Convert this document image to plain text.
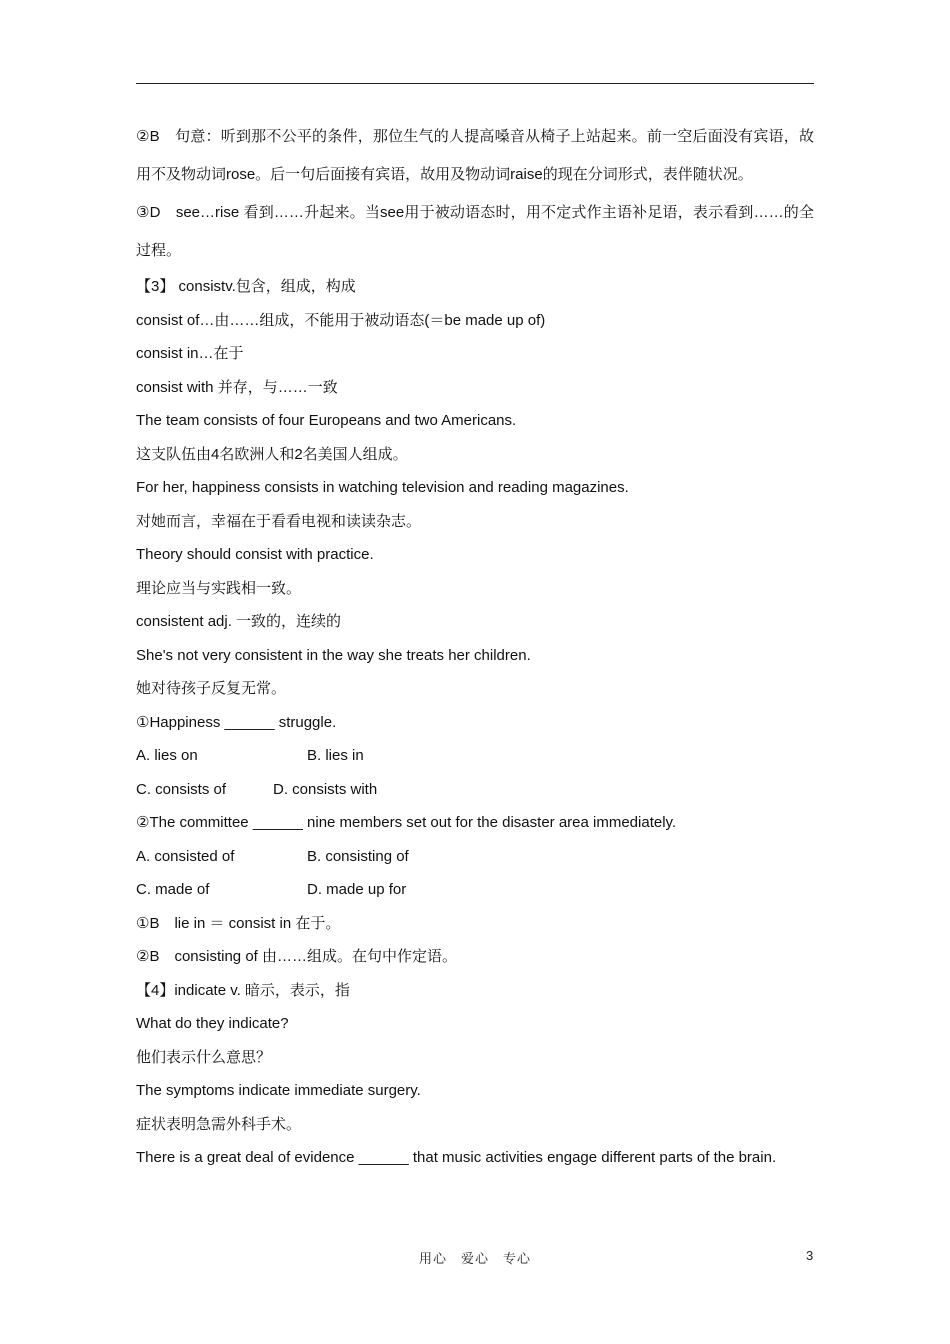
②B　句意：听到那不公平的条件，那位生气的人提高嗓音从椅子上站起来。前一空后面没有宾语，故用不及物动词rose。后一句后面接有宾语，故用及物动词raise的现在分词形式，表伴随状况。
③D　see…rise 看到……升起来。当see用于被动语态时，用不定式作主语补足语，表示看到……的全过程。
【3】 consistv.包含，组成，构成
consist of…由……组成，不能用于被动语态(＝be made up of)
consist in…在于
consist with 并存，与……一致
The team consists of four Europeans and two Americans.
这支队伍由4名欧洲人和2名美国人组成。
For her, happiness consists in watching television and reading magazines.
对她而言，幸福在于看看电视和读读杂志。
Theory should consist with practice.
理论应当与实践相一致。
consistent adj. 一致的，连续的
She's not very consistent in the way she treats her children.
她对待孩子反复无常。
①Happiness ______ struggle.
A. lies on	B. lies in
C. consists of	D. consists with
②The committee ______ nine members set out for the disaster area immediately.
A. consisted of	B. consisting of
C. made of	D. made up for
①B　lie in ＝ consist in 在于。
②B　consisting of 由……组成。在句中作定语。
【4】indicate v. 暗示，表示，指
What do they indicate?
他们表示什么意思？
The symptoms indicate immediate surgery.
症状表明急需外科手术。
There is a great deal of evidence ______ that music activities engage different parts of the brain.
用心　爱心　专心	3
